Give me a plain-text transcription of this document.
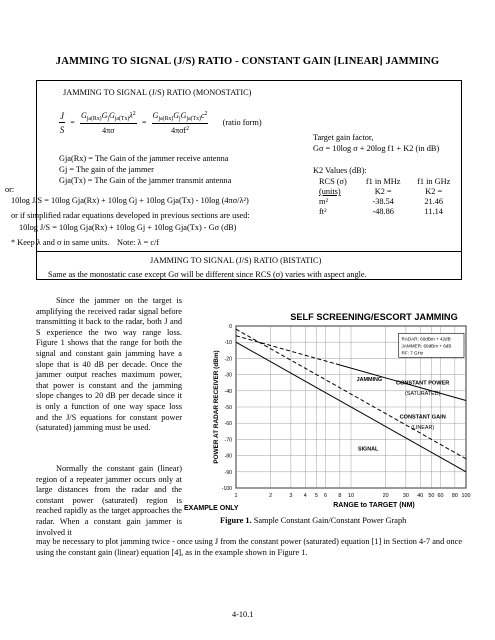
JAMMING TO SIGNAL (J/S) RATIO - CONSTANT GAIN [LINEAR] JAMMING
JAMMING TO SIGNAL (J/S) RATIO (MONOSTATIC)
$\frac{J}{S} = \frac{G_{ja(Rx)}G_jG_{ja(Tx)}\lambda^2}{4\pi\sigma} = \frac{G_{ja(Rx)}G_jG_{ja(Tx)}c^2}{4\pi\sigma f^2}$ (ratio form)
Target gain factor,
Gσ = 10log σ + 20log f1 + K2 (in dB)
Gja(Rx) = The Gain of the jammer receive antenna
Gj = The gain of the jammer
Gja(Tx) = The Gain of the jammer transmit antenna
or:
10log J/S = 10log Gja(Rx) + 10log Gj + 10log Gja(Tx) - 10log (4πσ/λ²)
or if simplified radar equations developed in previous sections are used:
10log J/S = 10log Gja(Rx) + 10log Gj + 10log Gja(Tx) - Gσ (dB)
* Keep λ and σ in same units. Note: λ = c/f
K2 Values (dB):
RCS (σ)	f1 in MHz	f1 in GHz
(units)	K2 =	K2 =
m²	-38.54	21.46
ft²	-48.86	11.14
JAMMING TO SIGNAL (J/S) RATIO (BISTATIC)
Same as the monostatic case except Gσ will be different since RCS (σ) varies with aspect angle.
Since the jammer on the target is amplifying the received radar signal before transmitting it back to the radar, both J and S experience the two way range loss. Figure 1 shows that the range for both the signal and constant gain jamming have a slope that is 40 dB per decade. Once the jammer output reaches maximum power, that power is constant and the jamming slope changes to 20 dB per decade since it is only a function of one way space loss and the J/S equations for constant power (saturated) jamming must be used.
Normally the constant gain (linear) region of a repeater jammer occurs only at large distances from the radar and the constant power (saturated) region is reached rapidly as the target approaches the radar. When a constant gain jammer is involved it
may be necessary to plot jamming twice - once using J from the constant power (saturated) equation [1] in Section 4-7 and once using the constant gain (linear) equation [4], as in the example shown in Figure 1.
0
-10
-20
-30
-40
-50
-60
-70
-80
-90
-100
1	2	3 4 5 6 8 10	20	30 40 50 60 80 100
SELF SCREENING/ESCORT JAMMING
RANGE to TARGET (NM)
POWER AT RADAR RECEIVER (dBm)	JAMMING
SIGNAL
CONSTANT POWER
(SATURATED)
CONSTANT GAIN
(LINEAR)
RADAR: 60dBm + 42dB
JAMMER: 60dBm + 6dB
RF: 7 GHz
EXAMPLE ONLY
Figure 1. Sample Constant Gain/Constant Power Graph
4-10.1
